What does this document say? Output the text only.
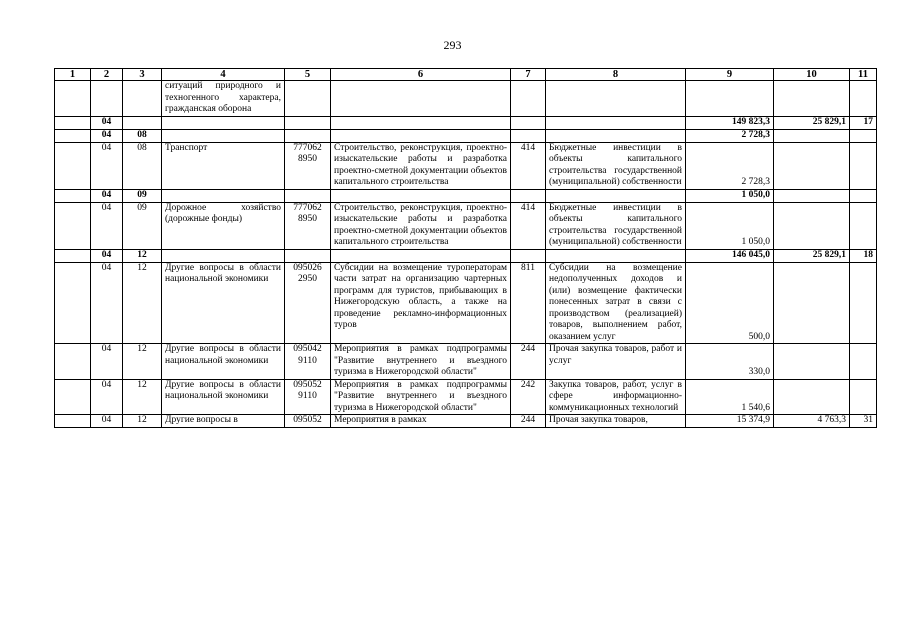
293
1	2	3	4	5	6	7	8	9	10	11
			ситуаций природного и техногенного характера, гражданская оборона							
	04							149 823,3	25 829,1	17
	04	08						2 728,3		
	04	08	Транспорт	777062 8950	Строительство, реконструкция, проектно-изыскательские работы и разработка проектно-сметной документации объектов капитального строительства	414	Бюджетные инвестиции в объекты капитального строительства государственной (муниципальной) собственности	2 728,3		
	04	09						1 050,0		
	04	09	Дорожное хозяйство (дорожные фонды)	777062 8950	Строительство, реконструкция, проектно-изыскательские работы и разработка проектно-сметной документации объектов капитального строительства	414	Бюджетные инвестиции в объекты капитального строительства государственной (муниципальной) собственности	1 050,0		
	04	12						146 045,0	25 829,1	18
	04	12	Другие вопросы в области национальной экономики	095026 2950	Субсидии на возмещение туроператорам части затрат на организацию чартерных программ для туристов, прибывающих в Нижегородскую область, а также на проведение рекламно-информационных туров	811	Субсидии на возмещение недополученных доходов и (или) возмещение фактически понесенных затрат в связи с производством (реализацией) товаров, выполнением работ, оказанием услуг	500,0		
	04	12	Другие вопросы в области национальной экономики	095042 9110	Мероприятия в рамках подпрограммы "Развитие внутреннего и въездного туризма в Нижегородской области"	244	Прочая закупка товаров, работ и услуг	330,0		
	04	12	Другие вопросы в области национальной экономики	095052 9110	Мероприятия в рамках подпрограммы "Развитие внутреннего и въездного туризма в Нижегородской области"	242	Закупка товаров, работ, услуг в сфере информационно-коммуникационных технологий	1 540,6		
	04	12	Другие вопросы в	095052	Мероприятия в рамках	244	Прочая закупка товаров,	15 374,9	4 763,3	31
